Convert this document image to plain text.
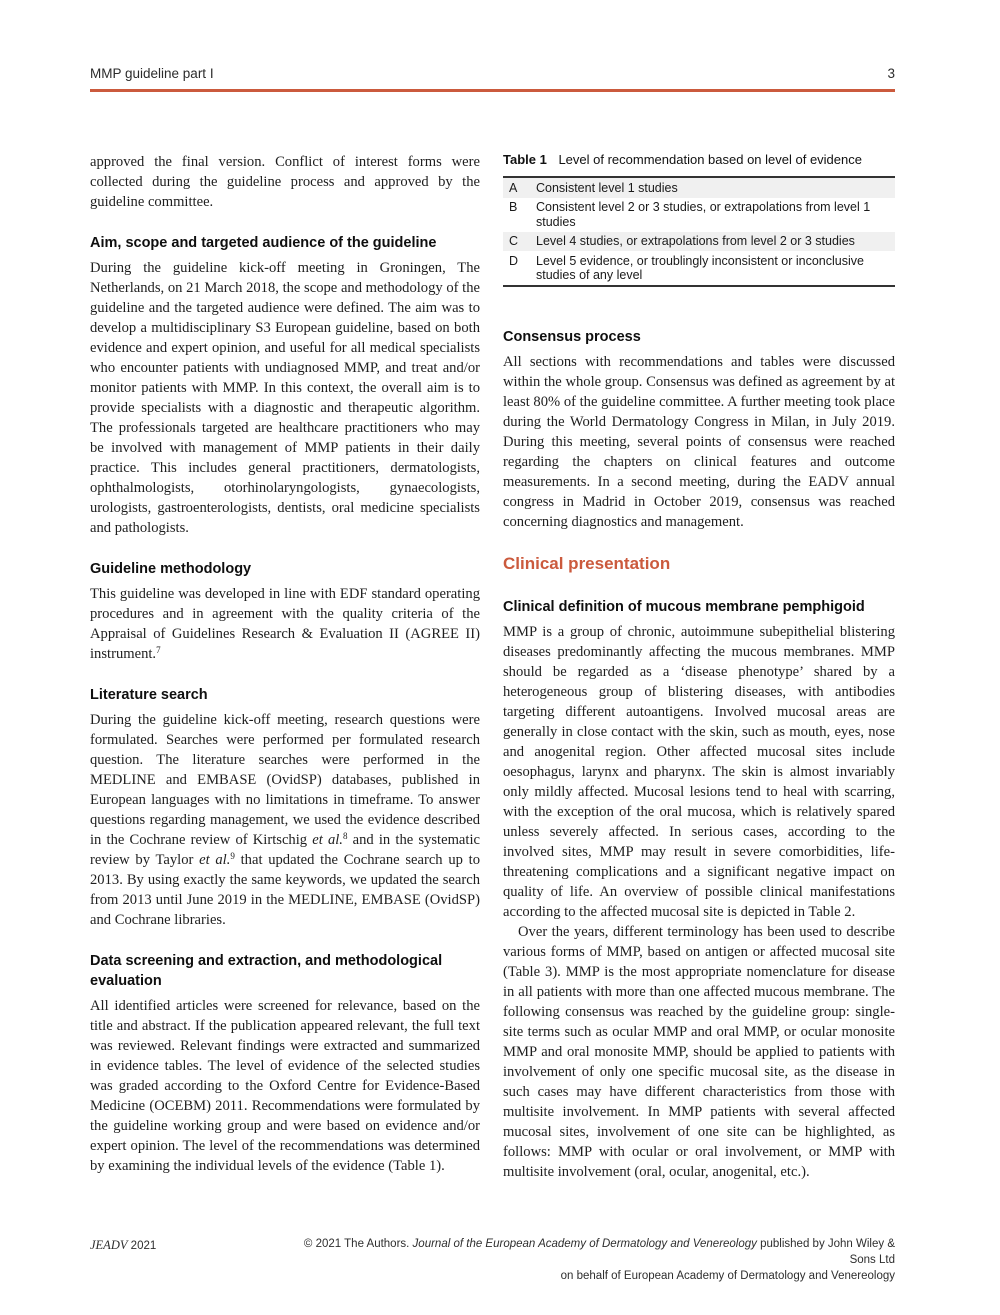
MMP guideline part I	3

approved the final version. Conflict of interest forms were collected during the guideline process and approved by the guideline committee.

Aim, scope and targeted audience of the guideline

During the guideline kick-off meeting in Groningen, The Netherlands, on 21 March 2018, the scope and methodology of the guideline and the targeted audience were defined. The aim was to develop a multidisciplinary S3 European guideline, based on both evidence and expert opinion, and useful for all medical specialists who encounter patients with undiagnosed MMP, and treat and/or monitor patients with MMP. In this context, the overall aim is to provide specialists with a diagnostic and therapeutic algorithm. The professionals targeted are healthcare practitioners who may be involved with management of MMP patients in their daily practice. This includes general practitioners, dermatologists, ophthalmologists, otorhinolaryngologists, gynaecologists, urologists, gastroenterologists, dentists, oral medicine specialists and pathologists.

Guideline methodology

This guideline was developed in line with EDF standard operating procedures and in agreement with the quality criteria of the Appraisal of Guidelines Research & Evaluation II (AGREE II) instrument.$^7$

Literature search

During the guideline kick-off meeting, research questions were formulated. Searches were performed per formulated research question. The literature searches were performed in the MEDLINE and EMBASE (OvidSP) databases, published in European languages with no limitations in timeframe. To answer questions regarding management, we used the evidence described in the Cochrane review of Kirtschig et al.$^8$ and in the systematic review by Taylor et al.$^9$ that updated the Cochrane search up to 2013. By using exactly the same keywords, we updated the search from 2013 until June 2019 in the MEDLINE, EMBASE (OvidSP) and Cochrane libraries.

Data screening and extraction, and methodological evaluation

All identified articles were screened for relevance, based on the title and abstract. If the publication appeared relevant, the full text was reviewed. Relevant findings were extracted and summarized in evidence tables. The level of evidence of the selected studies was graded according to the Oxford Centre for Evidence-Based Medicine (OCEBM) 2011. Recommendations were formulated by the guideline working group and were based on evidence and/or expert opinion. The level of the recommendations was determined by examining the individual levels of the evidence (Table 1).

Table 1 Level of recommendation based on level of evidence
A	Consistent level 1 studies
B	Consistent level 2 or 3 studies, or extrapolations from level 1 studies
C	Level 4 studies, or extrapolations from level 2 or 3 studies
D	Level 5 evidence, or troublingly inconsistent or inconclusive studies of any level
Consensus process

All sections with recommendations and tables were discussed within the whole group. Consensus was defined as agreement by at least 80% of the guideline committee. A further meeting took place during the World Dermatology Congress in Milan, in July 2019. During this meeting, several points of consensus were reached regarding the chapters on clinical features and outcome measurements. In a second meeting, during the EADV annual congress in Madrid in October 2019, consensus was reached concerning diagnostics and management.

Clinical presentation
Clinical definition of mucous membrane pemphigoid

MMP is a group of chronic, autoimmune subepithelial blistering diseases predominantly affecting the mucous membranes. MMP should be regarded as a ‘disease phenotype’ shared by a heterogeneous group of blistering diseases, with antibodies targeting different autoantigens. Involved mucosal areas are generally in close contact with the skin, such as mouth, eyes, nose and anogenital region. Other affected mucosal sites include oesophagus, larynx and pharynx. The skin is almost invariably only mildly affected. Mucosal lesions tend to heal with scarring, with the exception of the oral mucosa, which is relatively spared unless severely affected. In serious cases, according to the involved sites, MMP may result in severe comorbidities, life-threatening complications and a significant negative impact on quality of life. An overview of possible clinical manifestations according to the affected mucosal site is depicted in Table 2.

Over the years, different terminology has been used to describe various forms of MMP, based on antigen or affected mucosal site (Table 3). MMP is the most appropriate nomenclature for disease in all patients with more than one affected mucous membrane. The following consensus was reached by the guideline group: single-site terms such as ocular MMP and oral MMP, or ocular monosite MMP and oral monosite MMP, should be applied to patients with involvement of only one specific mucosal site, as the disease in such cases may have different characteristics from those with multisite involvement. In MMP patients with several affected mucosal sites, involvement of one site can be highlighted, as follows: MMP with ocular or oral involvement, or MMP with multisite involvement (oral, ocular, anogenital, etc.).

JEADV 2021	© 2021 The Authors. Journal of the European Academy of Dermatology and Venereology published by John Wiley & Sons Ltd
on behalf of European Academy of Dermatology and Venereology
